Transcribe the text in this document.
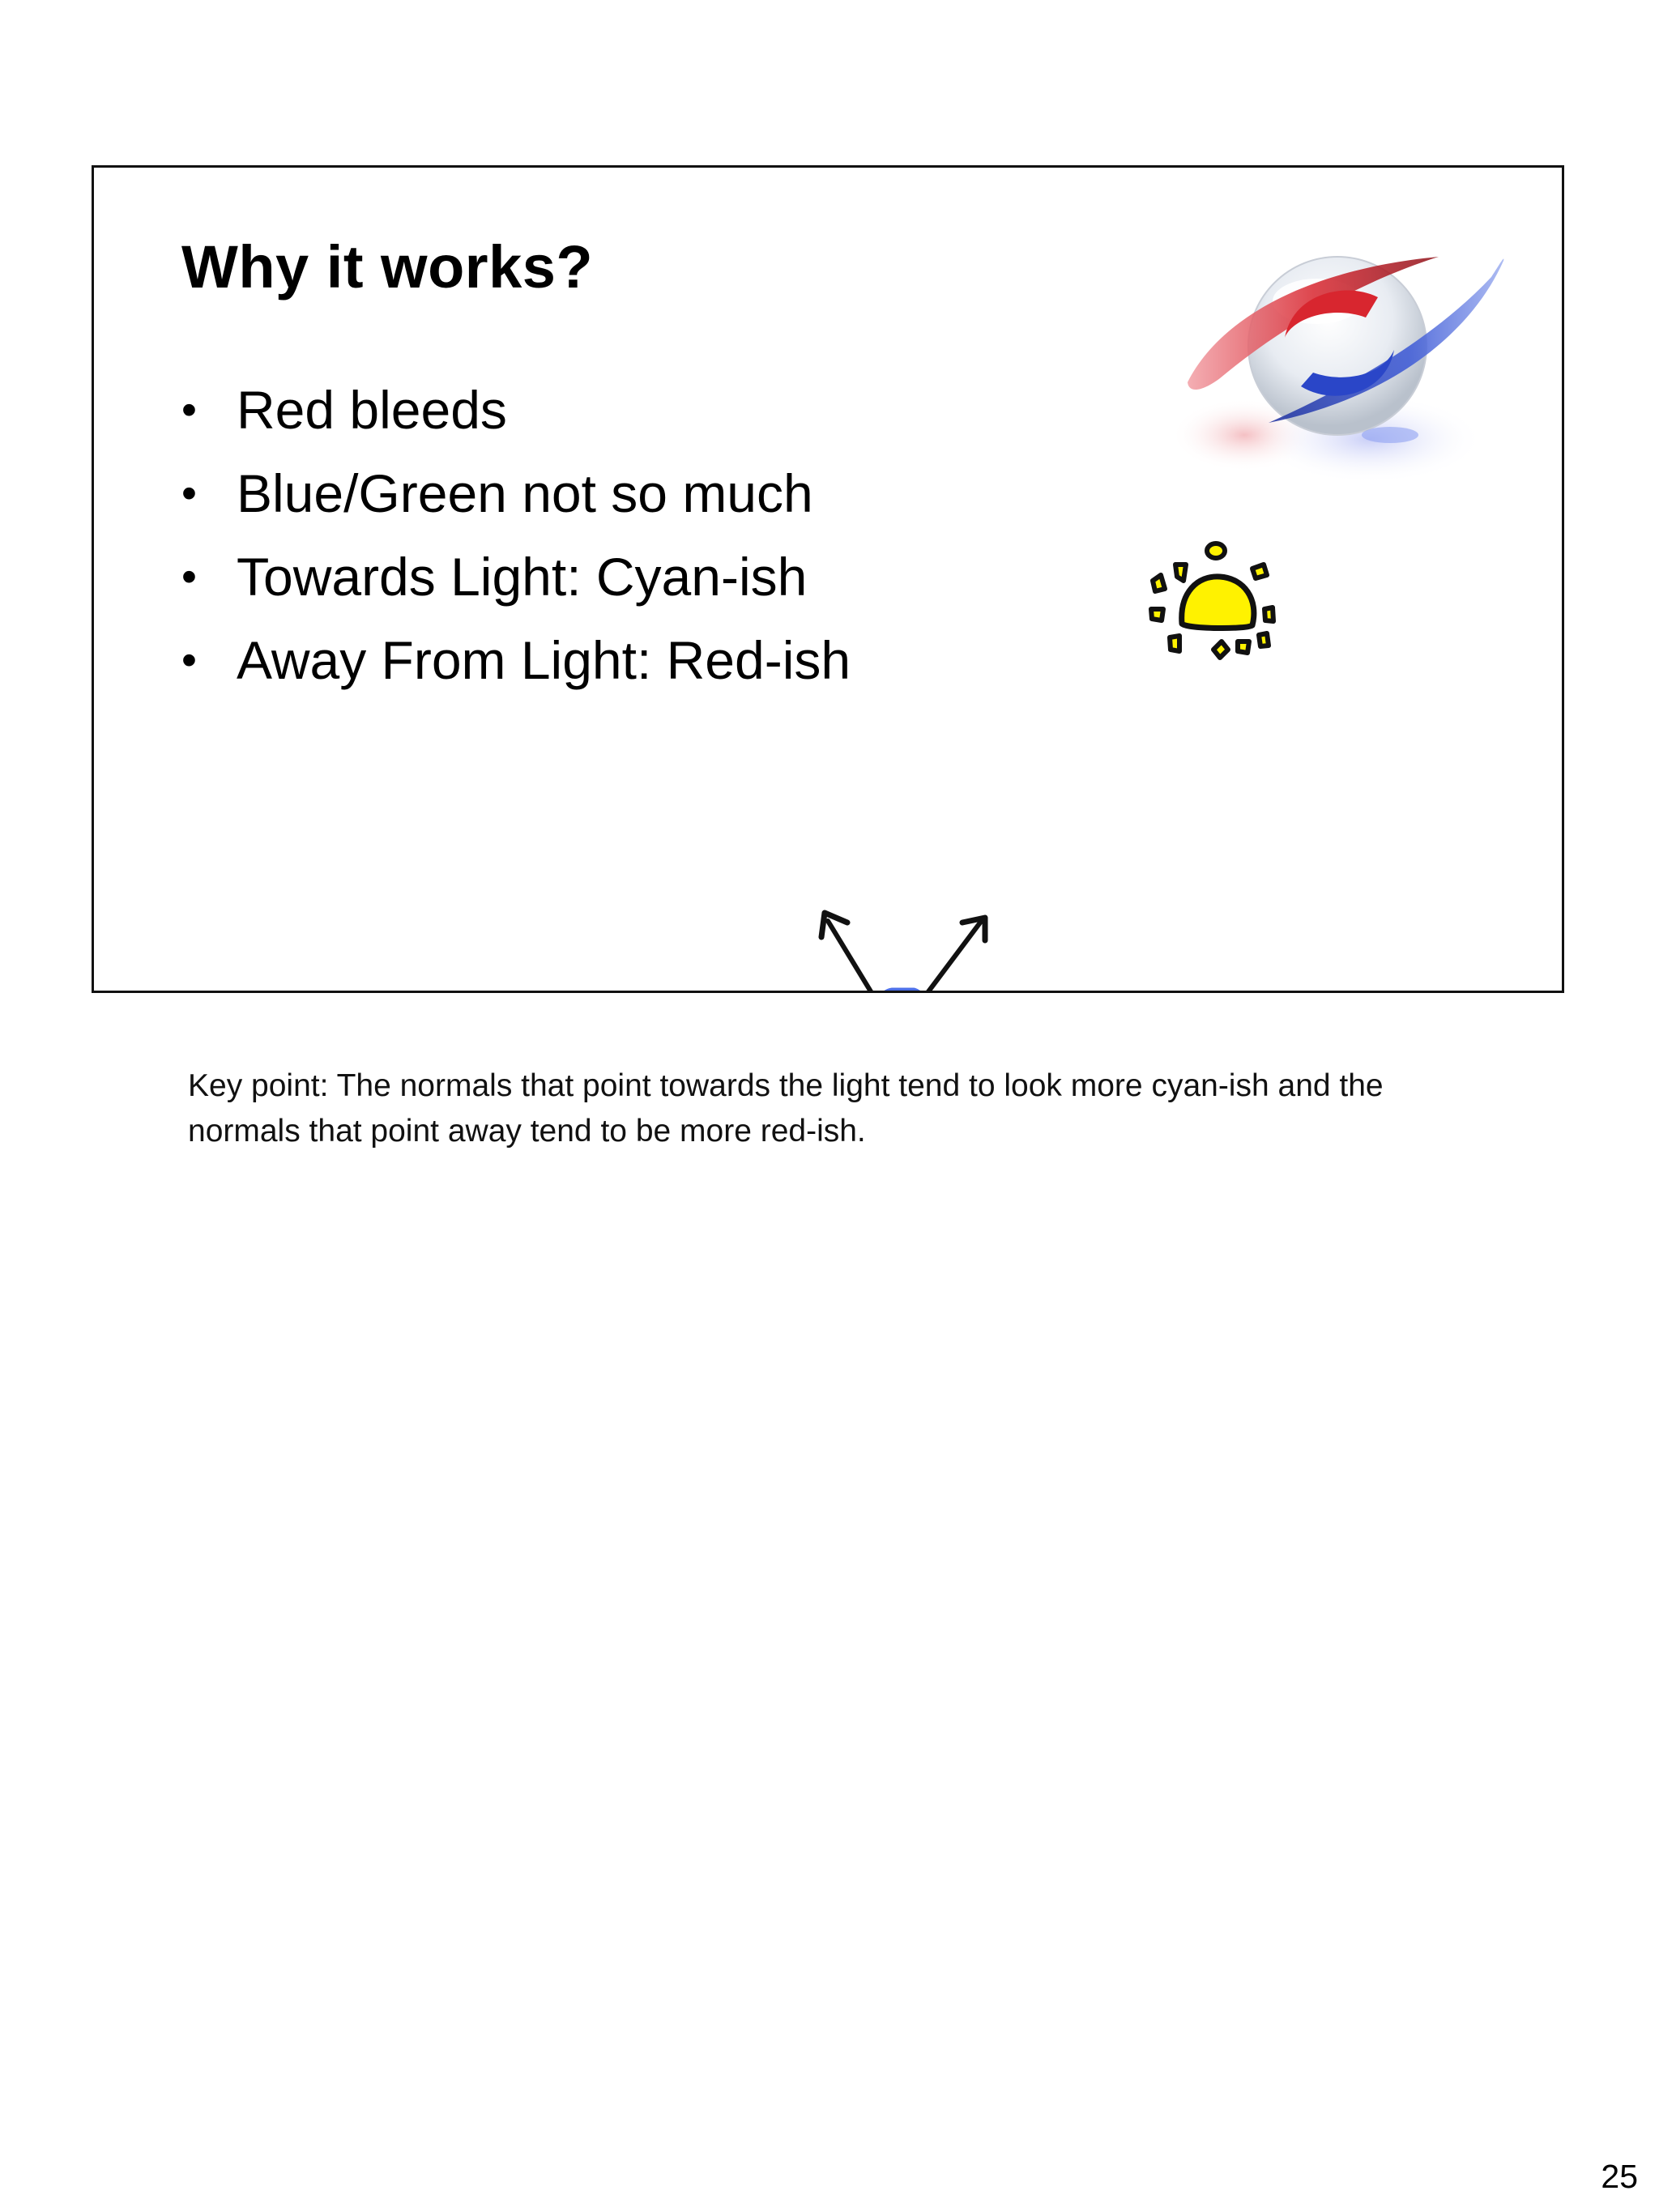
Why it works?
• Red bleeds
• Blue/Green not so much
• Towards Light: Cyan-ish
• Away From Light: Red-ish

Key point: The normals that point towards the light tend to look more cyan-ish and the normals that point away tend to be more red-ish.

25
